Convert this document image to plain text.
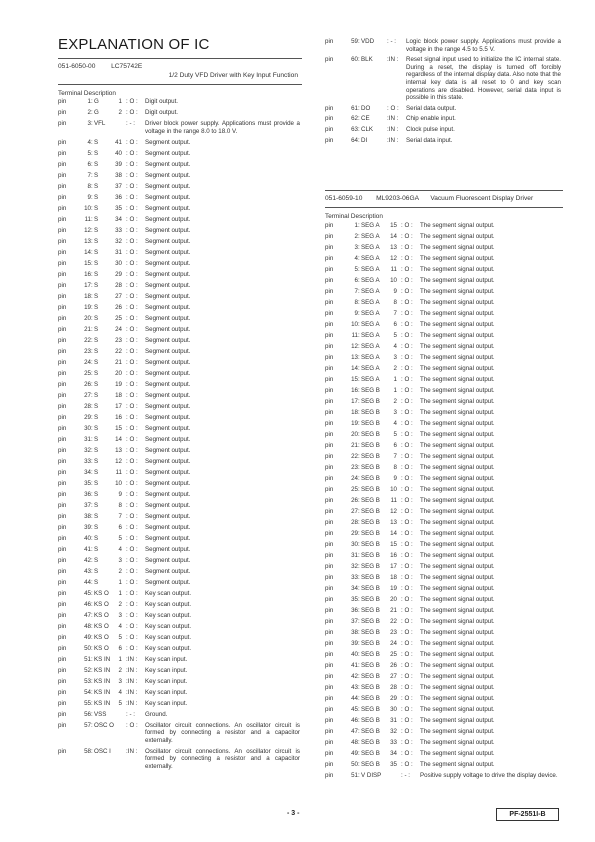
EXPLANATION OF IC
051-6050-00 LC75742E
1/2 Duty VFD Driver with Key Input Function
Terminal Description
pin	1 : G	1 : O :	Digit output.
pin	2 : G	2 : O :	Digit output.
pin	3 : VFL	: - :	Driver block power supply. Applications must provide a voltage in the range 8.0 to 18.0 V.
pin	4 : S	41 : O :	Segment output.
pin	5 : S	40 : O :	Segment output.
pin	6 : S	39 : O :	Segment output.
pin	7 : S	38 : O :	Segment output.
pin	8 : S	37 : O :	Segment output.
pin	9 : S	36 : O :	Segment output.
pin	10 : S	35 : O :	Segment output.
pin	11 : S	34 : O :	Segment output.
pin	12 : S	33 : O :	Segment output.
pin	13 : S	32 : O :	Segment output.
pin	14 : S	31 : O :	Segment output.
pin	15 : S	30 : O :	Segment output.
pin	16 : S	29 : O :	Segment output.
pin	17 : S	28 : O :	Segment output.
pin	18 : S	27 : O :	Segment output.
pin	19 : S	26 : O :	Segment output.
pin	20 : S	25 : O :	Segment output.
pin	21 : S	24 : O :	Segment output.
pin	22 : S	23 : O :	Segment output.
pin	23 : S	22 : O :	Segment output.
pin	24 : S	21 : O :	Segment output.
pin	25 : S	20 : O :	Segment output.
pin	26 : S	19 : O :	Segment output.
pin	27 : S	18 : O :	Segment output.
pin	28 : S	17 : O :	Segment output.
pin	29 : S	16 : O :	Segment output.
pin	30 : S	15 : O :	Segment output.
pin	31 : S	14 : O :	Segment output.
pin	32 : S	13 : O :	Segment output.
pin	33 : S	12 : O :	Segment output.
pin	34 : S	11 : O :	Segment output.
pin	35 : S	10 : O :	Segment output.
pin	36 : S	9 : O :	Segment output.
pin	37 : S	8 : O :	Segment output.
pin	38 : S	7 : O :	Segment output.
pin	39 : S	6 : O :	Segment output.
pin	40 : S	5 : O :	Segment output.
pin	41 : S	4 : O :	Segment output.
pin	42 : S	3 : O :	Segment output.
pin	43 : S	2 : O :	Segment output.
pin	44 : S	1 : O :	Segment output.
pin	45 : KS O	1 : O :	Key scan output.
pin	46 : KS O	2 : O :	Key scan output.
pin	47 : KS O	3 : O :	Key scan output.
pin	48 : KS O	4 : O :	Key scan output.
pin	49 : KS O	5 : O :	Key scan output.
pin	50 : KS O	6 : O :	Key scan output.
pin	51 : KS IN	1 :IN :	Key scan input.
pin	52 : KS IN	2 :IN :	Key scan input.
pin	53 : KS IN	3 :IN :	Key scan input.
pin	54 : KS IN	4 :IN :	Key scan input.
pin	55 : KS IN	5 :IN :	Key scan input.
pin	56 : VSS	: - :	Ground.
pin	57 : OSC O : O :	Oscillator circuit connections. An oscillator circuit is formed by connecting a resistor and a capacitor externally.
pin	58 : OSC I	:IN :	Oscillator circuit connections. An oscillator circuit is formed by connecting a resistor and a capacitor externally.
pin	59 : VDD	: - :	Logic block power supply. Applications must provide a voltage in the range 4.5 to 5.5 V.
pin	60 : BLK	:IN :	Reset signal input used to initialize the IC internal state. During a reset, the display is turned off forcibly regardless of the internal display data. Also note that the internal key data is all reset to 0 and key scan operations are disabled. However, serial data input is possible in this state.
pin	61 : DO	: O :	Serial data output.
pin	62 : CE	:IN :	Chip enable input.
pin	63 : CLK	:IN :	Clock pulse input.
pin	64 : DI	:IN :	Serial data input.
051-6059-10 ML9203-06GA Vacuum Fluorescent Display Driver
Terminal Description
pin	1 : SEG A	15 : O :	The segment signal output.
pin	2 : SEG A	14 : O :	The segment signal output.
pin	3 : SEG A	13 : O :	The segment signal output.
pin	4 : SEG A	12 : O :	The segment signal output.
pin	5 : SEG A	11 : O :	The segment signal output.
pin	6 : SEG A	10 : O :	The segment signal output.
pin	7 : SEG A	9 : O :	The segment signal output.
pin	8 : SEG A	8 : O :	The segment signal output.
pin	9 : SEG A	7 : O :	The segment signal output.
pin	10 : SEG A	6 : O :	The segment signal output.
pin	11 : SEG A	5 : O :	The segment signal output.
pin	12 : SEG A	4 : O :	The segment signal output.
pin	13 : SEG A	3 : O :	The segment signal output.
pin	14 : SEG A	2 : O :	The segment signal output.
pin	15 : SEG A	1 : O :	The segment signal output.
pin	16 : SEG B	1 : O :	The segment signal output.
pin	17 : SEG B	2 : O :	The segment signal output.
pin	18 : SEG B	3 : O :	The segment signal output.
pin	19 : SEG B	4 : O :	The segment signal output.
pin	20 : SEG B	5 : O :	The segment signal output.
pin	21 : SEG B	6 : O :	The segment signal output.
pin	22 : SEG B	7 : O :	The segment signal output.
pin	23 : SEG B	8 : O :	The segment signal output.
pin	24 : SEG B	9 : O :	The segment signal output.
pin	25 : SEG B	10 : O :	The segment signal output.
pin	26 : SEG B	11 : O :	The segment signal output.
pin	27 : SEG B	12 : O :	The segment signal output.
pin	28 : SEG B	13 : O :	The segment signal output.
pin	29 : SEG B	14 : O :	The segment signal output.
pin	30 : SEG B	15 : O :	The segment signal output.
pin	31 : SEG B	16 : O :	The segment signal output.
pin	32 : SEG B	17 : O :	The segment signal output.
pin	33 : SEG B	18 : O :	The segment signal output.
pin	34 : SEG B	19 : O :	The segment signal output.
pin	35 : SEG B	20 : O :	The segment signal output.
pin	36 : SEG B	21 : O :	The segment signal output.
pin	37 : SEG B	22 : O :	The segment signal output.
pin	38 : SEG B	23 : O :	The segment signal output.
pin	39 : SEG B	24 : O :	The segment signal output.
pin	40 : SEG B	25 : O :	The segment signal output.
pin	41 : SEG B	26 : O :	The segment signal output.
pin	42 : SEG B	27 : O :	The segment signal output.
pin	43 : SEG B	28 : O :	The segment signal output.
pin	44 : SEG B	29 : O :	The segment signal output.
pin	45 : SEG B	30 : O :	The segment signal output.
pin	46 : SEG B	31 : O :	The segment signal output.
pin	47 : SEG B	32 : O :	The segment signal output.
pin	48 : SEG B	33 : O :	The segment signal output.
pin	49 : SEG B	34 : O :	The segment signal output.
pin	50 : SEG B	35 : O :	The segment signal output.
pin	51 : V DISP	: - :	Positive supply voltage to drive the display device.
- 3 -	PF-2551I-B
